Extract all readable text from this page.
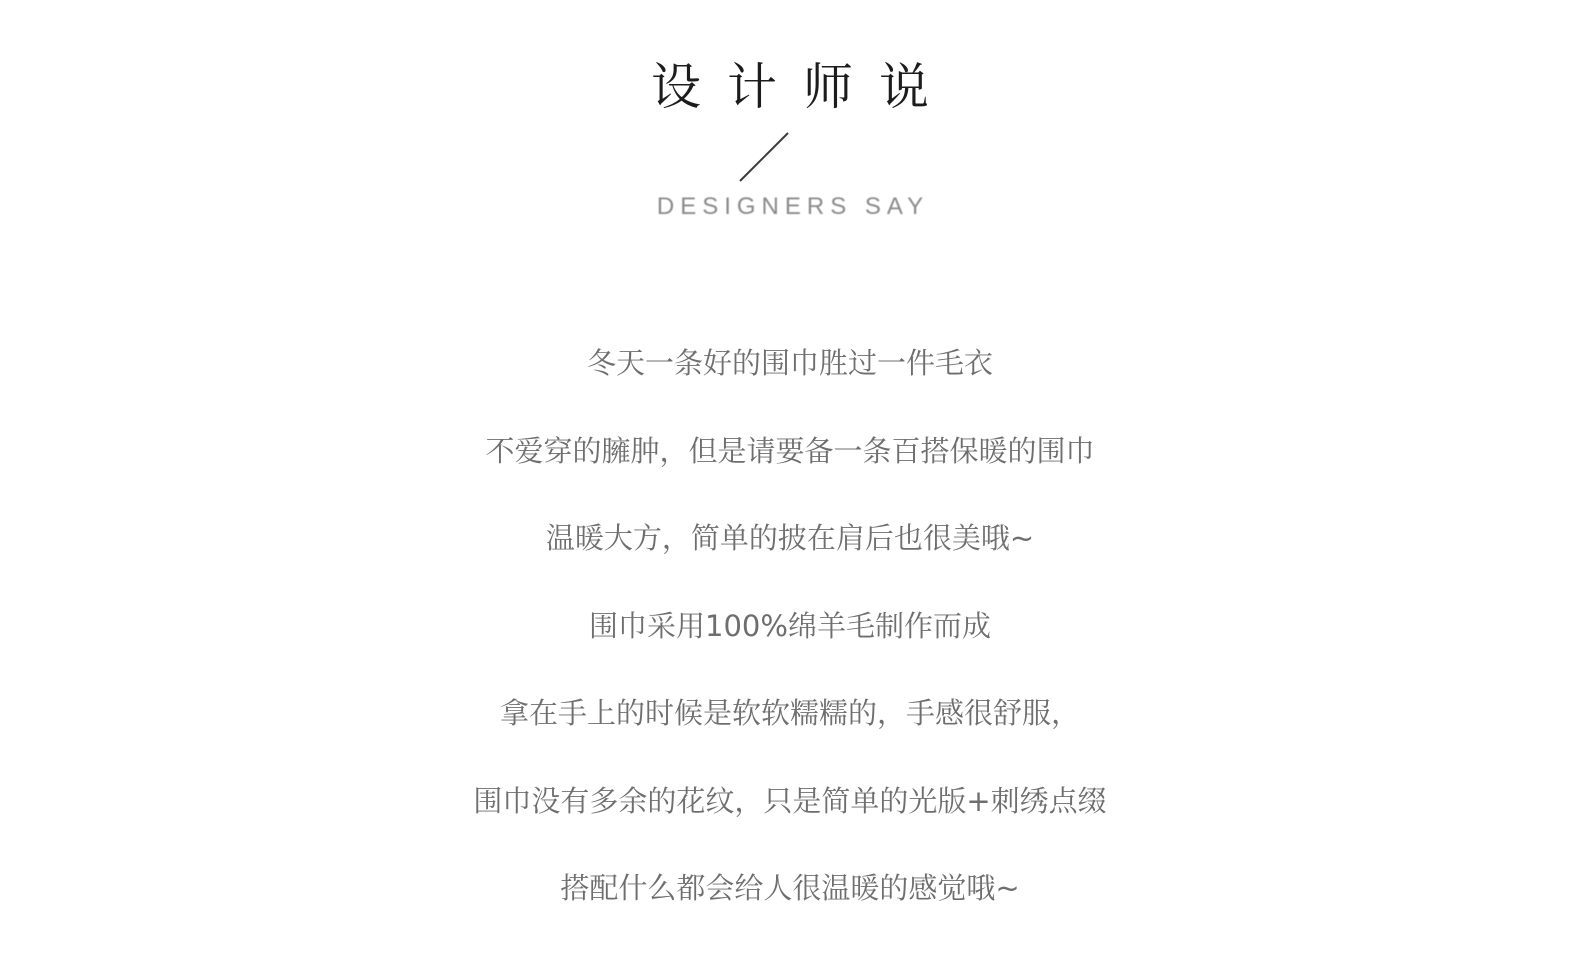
设计师说
DESIGNERS SAY
冬天一条好的围巾胜过一件毛衣
不爱穿的臃肿，但是请要备一条百搭保暖的围巾
温暖大方，简单的披在肩后也很美哦~
围巾采用100%绵羊毛制作而成
拿在手上的时候是软软糯糯的，手感很舒服，
围巾没有多余的花纹，只是简单的光版+刺绣点缀
搭配什么都会给人很温暖的感觉哦~
